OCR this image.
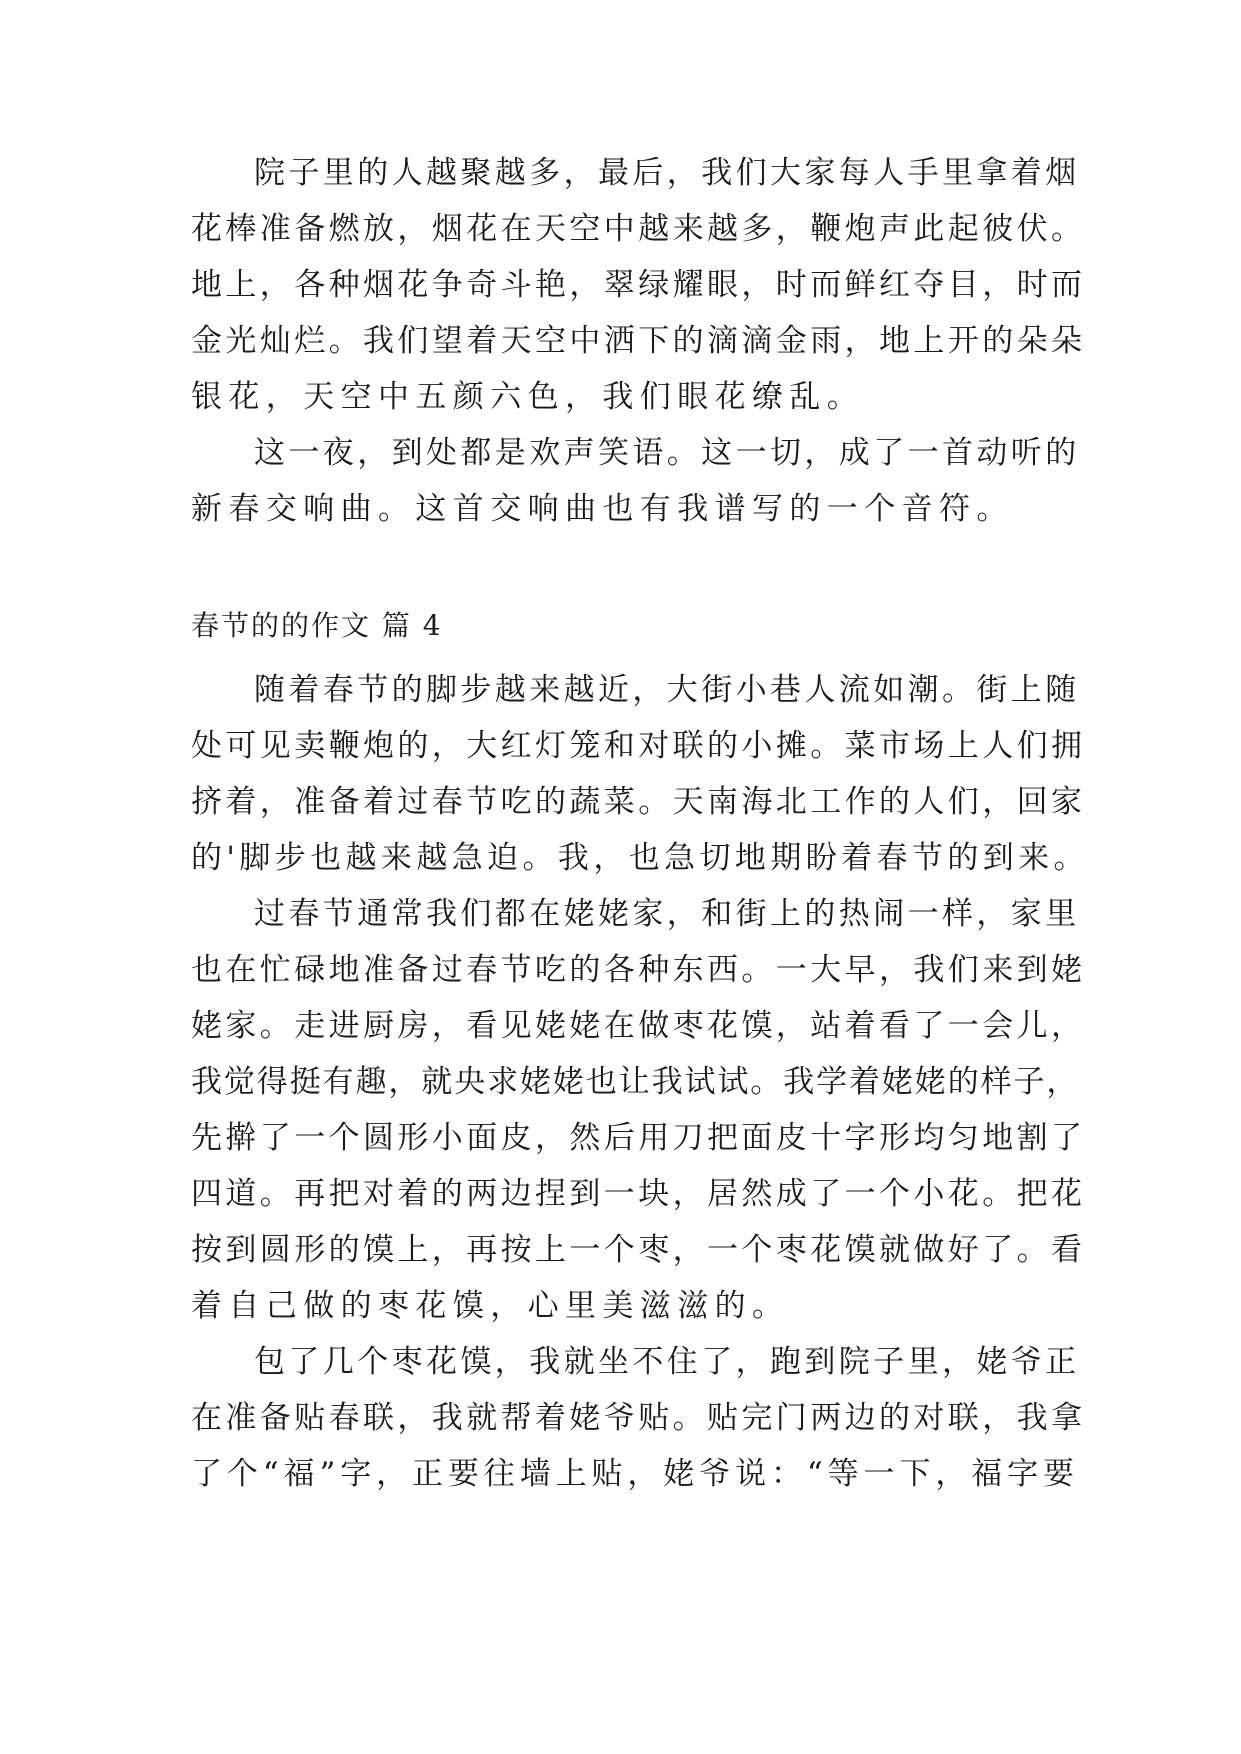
院子里的人越聚越多，最后，我们大家每人手里拿着烟

花棒准备燃放，烟花在天空中越来越多，鞭炮声此起彼伏。

地上，各种烟花争奇斗艳，翠绿耀眼，时而鲜红夺目，时而

金光灿烂。我们望着天空中洒下的滴滴金雨，地上开的朵朵

银花，天空中五颜六色，我们眼花缭乱。

这一夜，到处都是欢声笑语。这一切，成了一首动听的

新春交响曲。这首交响曲也有我谱写的一个音符。

春节的的作文 篇 4

随着春节的脚步越来越近，大街小巷人流如潮。街上随

处可见卖鞭炮的，大红灯笼和对联的小摊。菜市场上人们拥

挤着，准备着过春节吃的蔬菜。天南海北工作的人们，回家

的'脚步也越来越急迫。我，也急切地期盼着春节的到来。

过春节通常我们都在姥姥家，和街上的热闹一样，家里

也在忙碌地准备过春节吃的各种东西。一大早，我们来到姥

姥家。走进厨房，看见姥姥在做枣花馍，站着看了一会儿，

我觉得挺有趣，就央求姥姥也让我试试。我学着姥姥的样子，

先擀了一个圆形小面皮，然后用刀把面皮十字形均匀地割了

四道。再把对着的两边捏到一块，居然成了一个小花。把花

按到圆形的馍上，再按上一个枣，一个枣花馍就做好了。看

着自己做的枣花馍，心里美滋滋的。

包了几个枣花馍，我就坐不住了，跑到院子里，姥爷正

在准备贴春联，我就帮着姥爷贴。贴完门两边的对联，我拿

了个“福”字，正要往墙上贴，姥爷说：“等一下，福字要
